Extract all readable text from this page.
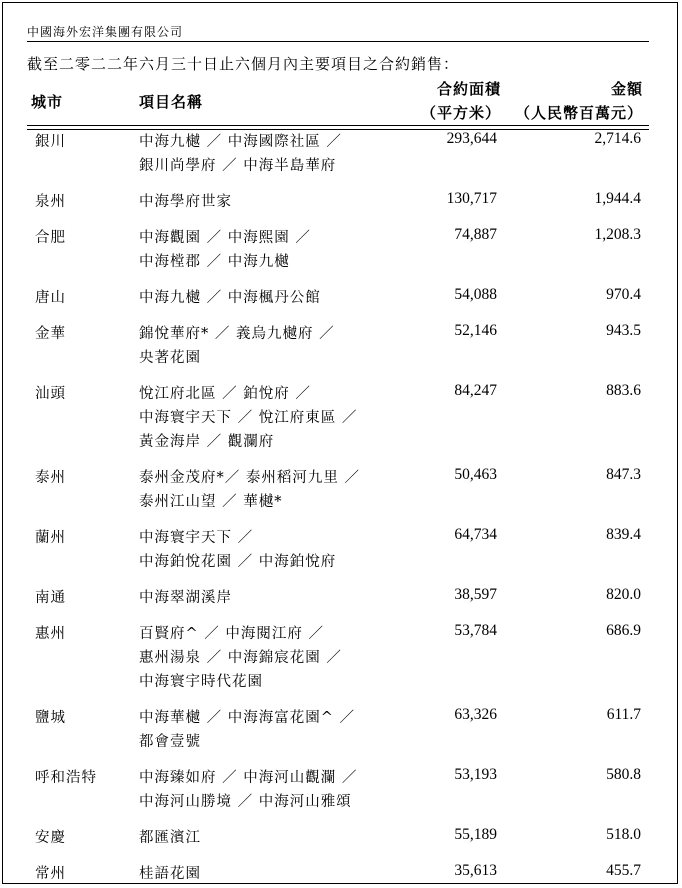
中國海外宏洋集團有限公司
截至二零二二年六月三十日止六個月內主要項目之合約銷售：
城市	項目名稱
合約面積
（平方米）
金額
（人民幣百萬元）
銀川	中海九樾 ／ 中海國際社區 ／
銀川尚學府 ／ 中海半島華府
293,644	2,714.6
泉州	中海學府世家	130,717	1,944.4
合肥	中海觀園 ／ 中海熙園 ／
中海樘郡 ／ 中海九樾
74,887	1,208.3
唐山	中海九樾 ／ 中海楓丹公館	54,088	970.4
金華	錦悅華府* ／ 義烏九樾府 ／
央著花園
52,146	943.5
汕頭	悅江府北區 ／ 鉑悅府 ／
中海寰宇天下 ／ 悅江府東區 ／
黃金海岸 ／ 觀瀾府
84,247	883.6
泰州	泰州金茂府*／ 泰州稻河九里 ／
泰州江山望 ／ 華樾*
50,463	847.3
蘭州	中海寰宇天下 ／
中海鉑悅花園 ／ 中海鉑悅府
64,734	839.4
南通	中海翠湖溪岸	38,597	820.0
惠州	百賢府^ ／ 中海閱江府 ／
惠州湯泉 ／ 中海錦宸花園 ／
中海寰宇時代花園
53,784	686.9
鹽城	中海華樾 ／ 中海海富花園^ ／
都會壹號
63,326	611.7
呼和浩特	中海臻如府 ／ 中海河山觀瀾 ／
中海河山勝境 ／ 中海河山雅頌
53,193	580.8
安慶	都匯濱江	55,189	518.0
常州	桂語花園	35,613	455.7
